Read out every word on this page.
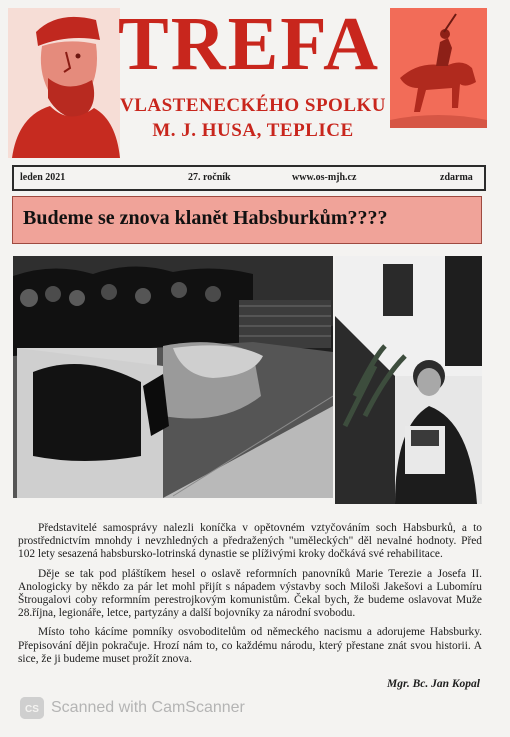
TREFA
VLASTENECKÉHO SPOLKU
M. J. HUSA, TEPLICE
leden 2021	27. ročník	www.os-mjh.cz	zdarma
Budeme se znova klanět Habsburkům????

Představitelé samosprávy nalezli koníčka v opětovném vztyčováním soch Habsburků, a to prostřednictvím mnohdy i nevzhledných a předražených "uměleckých" děl nevalné hodnoty. Před 102 lety sesazená habsbursko-lotrinská dynastie se plíživými kroky dočkává své rehabilitace.

Děje se tak pod pláštíkem hesel o oslavě reformních panovníků Marie Terezie a Josefa II. Anologicky by někdo za pár let mohl přijít s nápadem výstavby soch Miloši Jakešovi a Lubomíru Štrougalovi coby reformním perestrojkovým komunistům. Čekal bych, že budeme oslavovat Muže 28.října, legionáře, letce, partyzány a další bojovníky za národní svobodu.

Místo toho kácíme pomníky osvoboditelům od německého nacismu a adorujeme Habsburky. Přepisování dějin pokračuje. Hrozí nám to, co každému národu, který přestane znát svou historii. A sice, že ji budeme muset prožít znova.

Mgr. Bc. Jan Kopal
CS Scanned with CamScanner
